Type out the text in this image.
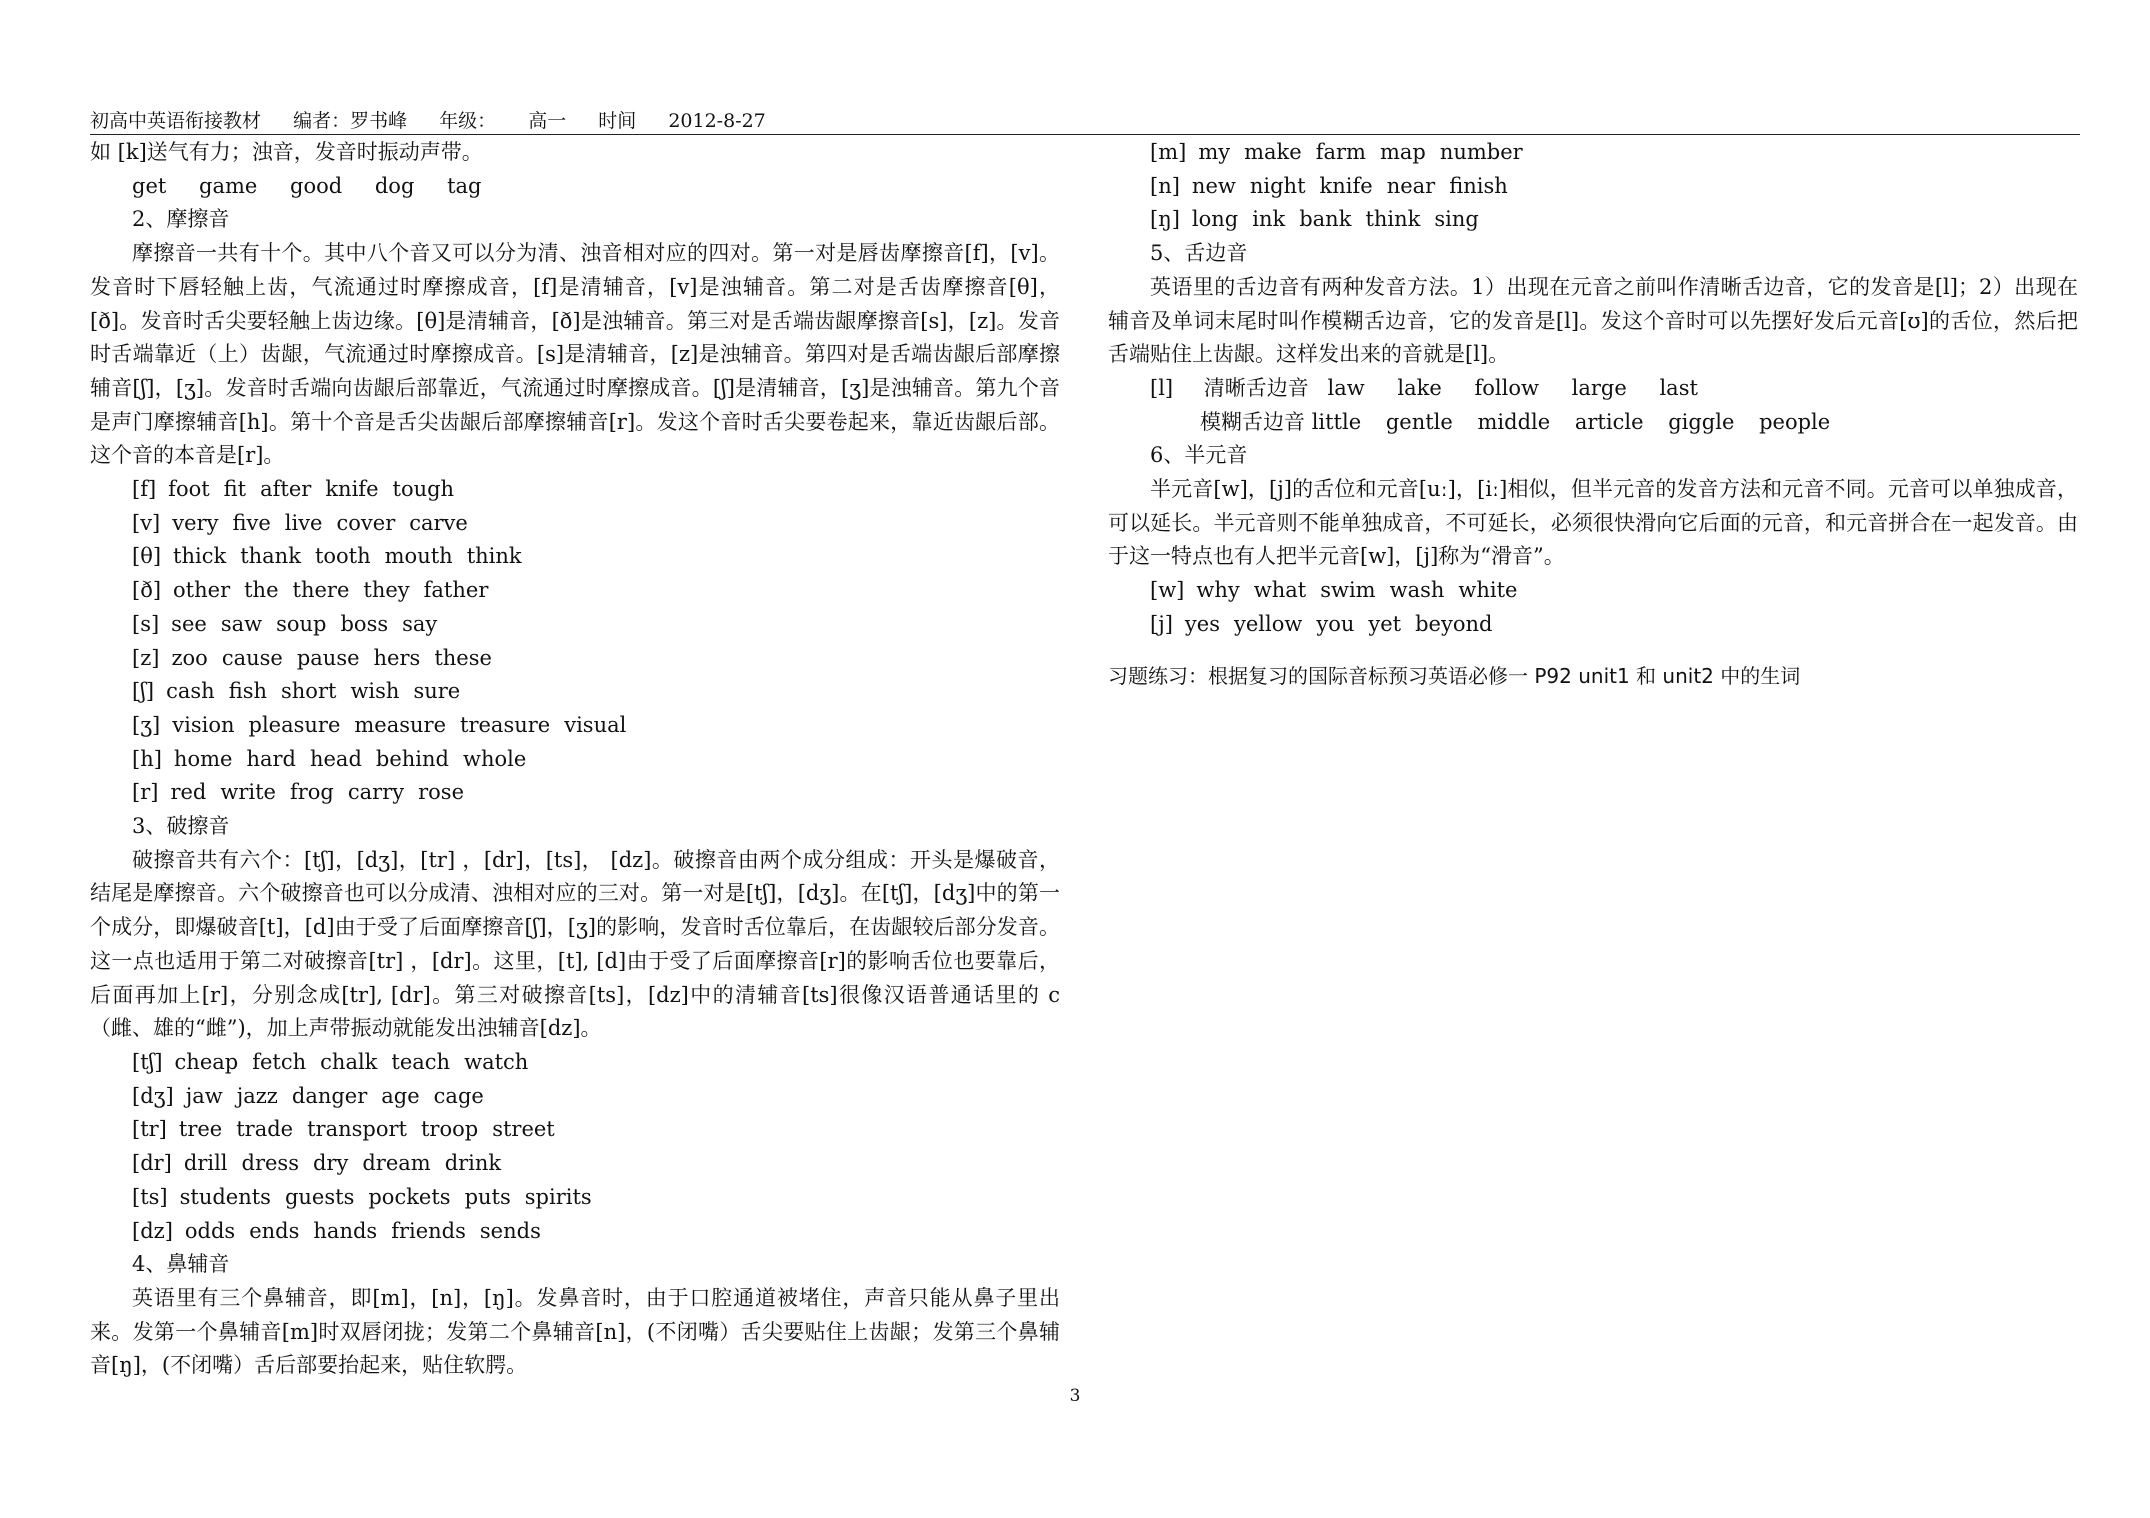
初高中英语衔接教材 编者：罗书峰 年级： 高一 时间 2012-8-27
如 [k]送气有力；浊音，发音时振动声带。
get game good dog tag
2、摩擦音
摩擦音一共有十个。其中八个音又可以分为清、浊音相对应的四对。第一对是唇齿摩擦音[f]，[v]。发音时下唇轻触上齿，气流通过时摩擦成音，[f]是清辅音，[v]是浊辅音。第二对是舌齿摩擦音[θ]，[ð]。发音时舌尖要轻触上齿边缘。[θ]是清辅音，[ð]是浊辅音。第三对是舌端齿龈摩擦音[s]，[z]。发音时舌端靠近（上）齿龈，气流通过时摩擦成音。[s]是清辅音，[z]是浊辅音。第四对是舌端齿龈后部摩擦辅音[ʃ]，[ʒ]。发音时舌端向齿龈后部靠近，气流通过时摩擦成音。[ʃ]是清辅音，[ʒ]是浊辅音。第九个音是声门摩擦辅音[h]。第十个音是舌尖齿龈后部摩擦辅音[r]。发这个音时舌尖要卷起来，靠近齿龈后部。这个音的本音是[r]。
[f] foot fit after knife tough
[v] very five live cover carve
[θ] thick thank tooth mouth think
[ð] other the there they father
[s] see saw soup boss say
[z] zoo cause pause hers these
[ʃ] cash fish short wish sure
[ʒ] vision pleasure measure treasure visual
[h] home hard head behind whole
[r] red write frog carry rose
3、破擦音
破擦音共有六个：[tʃ]，[dʒ]，[tr] ，[dr]，[ts]， [dz]。破擦音由两个成分组成：开头是爆破音，结尾是摩擦音。六个破擦音也可以分成清、浊相对应的三对。第一对是[tʃ]，[dʒ]。在[tʃ]，[dʒ]中的第一个成分，即爆破音[t]，[d]由于受了后面摩擦音[ʃ]，[ʒ]的影响，发音时舌位靠后，在齿龈较后部分发音。这一点也适用于第二对破擦音[tr] ，[dr]。这里，[t], [d]由于受了后面摩擦音[r]的影响舌位也要靠后，后面再加上[r]，分别念成[tr], [dr]。第三对破擦音[ts]，[dz]中的清辅音[ts]很像汉语普通话里的 c（雌、雄的“雌”)，加上声带振动就能发出浊辅音[dz]。
[tʃ] cheap fetch chalk teach watch
[dʒ] jaw jazz danger age cage
[tr] tree trade transport troop street
[dr] drill dress dry dream drink
[ts] students guests pockets puts spirits
[dz] odds ends hands friends sends
4、鼻辅音
英语里有三个鼻辅音，即[m]，[n]，[ŋ]。发鼻音时，由于口腔通道被堵住，声音只能从鼻子里出来。发第一个鼻辅音[m]时双唇闭拢；发第二个鼻辅音[n]，(不闭嘴）舌尖要贴住上齿龈；发第三个鼻辅音[ŋ]，(不闭嘴）舌后部要抬起来，贴住软腭。
[m] my make farm map number
[n] new night knife near finish
[ŋ] long ink bank think sing
5、舌边音
英语里的舌边音有两种发音方法。1）出现在元音之前叫作清晰舌边音，它的发音是[l]；2）出现在辅音及单词末尾时叫作模糊舌边音，它的发音是[l]。发这个音时可以先摆好发后元音[ʊ]的舌位，然后把舌端贴住上齿龈。这样发出来的音就是[l]。
[l] 清晰舌边音 law lake follow large last
模糊舌边音 little gentle middle article giggle people
6、半元音
半元音[w]，[j]的舌位和元音[uː]，[iː]相似，但半元音的发音方法和元音不同。元音可以单独成音，可以延长。半元音则不能单独成音，不可延长，必须很快滑向它后面的元音，和元音拼合在一起发音。由于这一特点也有人把半元音[w]，[j]称为“滑音”。
[w] why what swim wash white
[j] yes yellow you yet beyond
习题练习：根据复习的国际音标预习英语必修一 P92 unit1 和 unit2 中的生词
3
